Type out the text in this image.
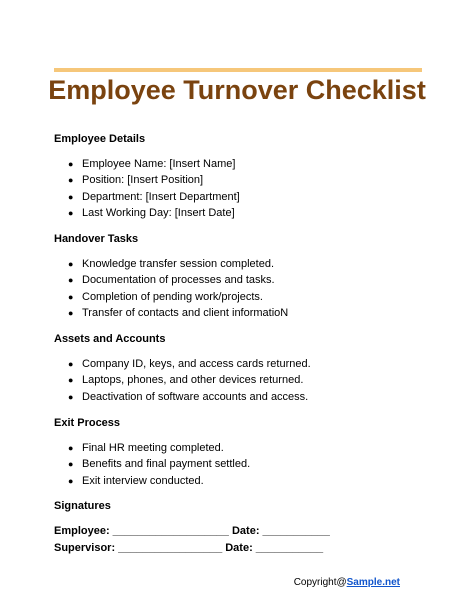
Employee Turnover Checklist
Employee Details
● Employee Name: [Insert Name]
● Position: [Insert Position]
● Department: [Insert Department]
● Last Working Day: [Insert Date]
Handover Tasks
● Knowledge transfer session completed.
● Documentation of processes and tasks.
● Completion of pending work/projects.
● Transfer of contacts and client informatioN
Assets and Accounts
● Company ID, keys, and access cards returned.
● Laptops, phones, and other devices returned.
● Deactivation of software accounts and access.
Exit Process
● Final HR meeting completed.
● Benefits and final payment settled.
● Exit interview conducted.
Signatures
Employee: ___________________ Date: ___________
Supervisor: _________________ Date: ___________
Copyright@Sample.net
